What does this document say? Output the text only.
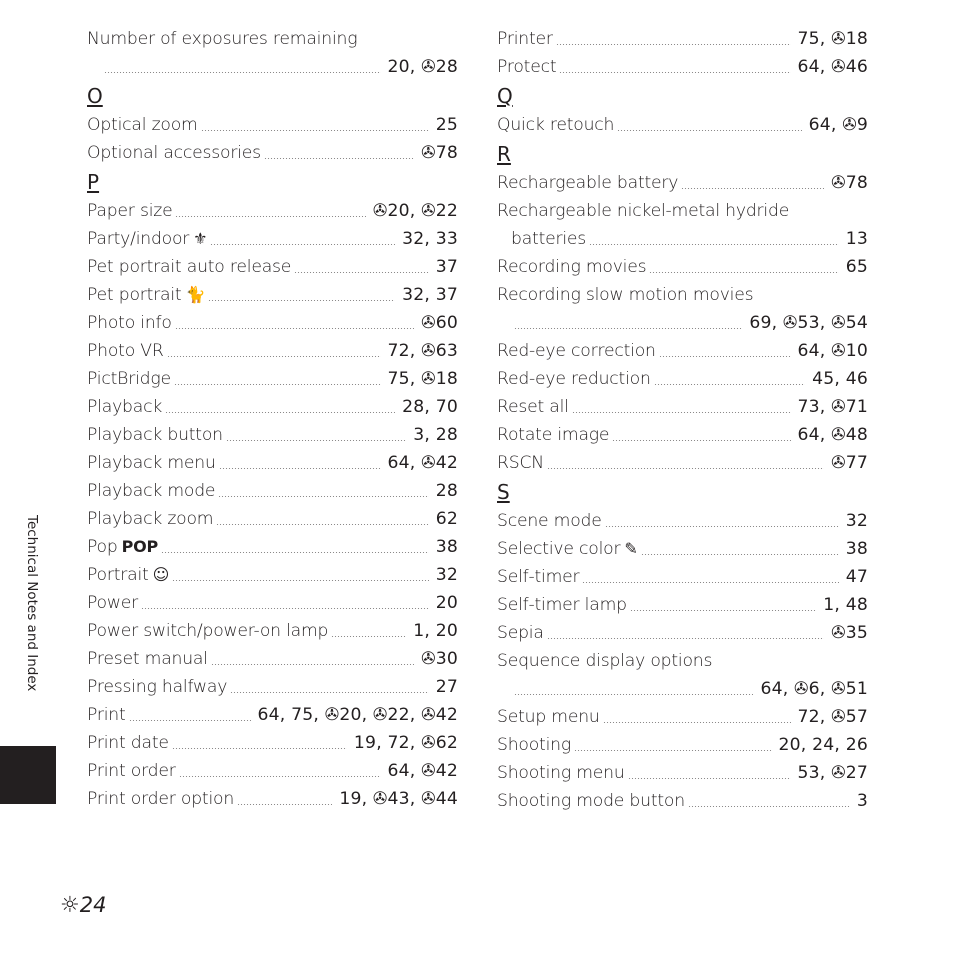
Number of exposures remaining
20, ✇28
O
Optical zoom	25
Optional accessories	✇78
P
Paper size	✇20, ✇22
Party/indoor ⚜	32, 33
Pet portrait auto release	37
Pet portrait 🐈	32, 37
Photo info	✇60
Photo VR	72, ✇63
PictBridge	75, ✇18
Playback	28, 70
Playback button	3, 28
Playback menu	64, ✇42
Playback mode	28
Playback zoom	62
Pop POP	38
Portrait ☺	32
Power	20
Power switch/power-on lamp	1, 20
Preset manual	✇30
Pressing halfway	27
Print	64, 75, ✇20, ✇22, ✇42
Print date	19, 72, ✇62
Print order	64, ✇42
Print order option	19, ✇43, ✇44
Printer	75, ✇18
Protect	64, ✇46
Q
Quick retouch	64, ✇9
R
Rechargeable battery	✇78
Rechargeable nickel-metal hydride
batteries	13
Recording movies	65
Recording slow motion movies
69, ✇53, ✇54
Red-eye correction	64, ✇10
Red-eye reduction	45, 46
Reset all	73, ✇71
Rotate image	64, ✇48
RSCN	✇77
S
Scene mode	32
Selective color ✎	38
Self-timer	47
Self-timer lamp	1, 48
Sepia	✇35
Sequence display options
64, ✇6, ✇51
Setup menu	72, ✇57
Shooting	20, 24, 26
Shooting menu	53, ✇27
Shooting mode button	3
Technical Notes and Index
☼24
